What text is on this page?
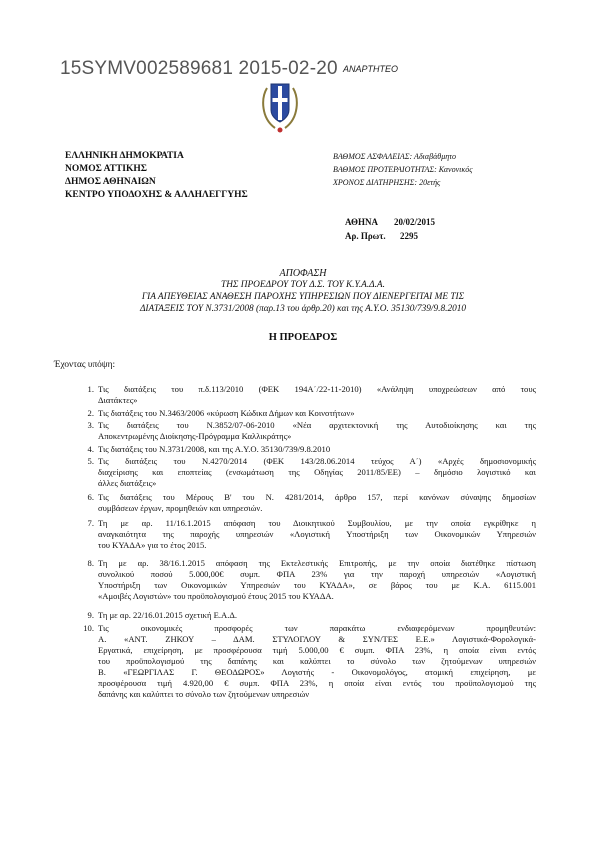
15SYMV002589681 2015-02-20 ΑΝΑΡΤΗΤΕΟ
ΕΛΛΗΝΙΚΗ ΔΗΜΟΚΡΑΤΙΑ
ΝΟΜΟΣ ΑΤΤΙΚΗΣ
ΔΗΜΟΣ ΑΘΗΝΑΙΩΝ
ΚΕΝΤΡΟ ΥΠΟΔΟΧΗΣ & ΑΛΛΗΛΕΓΓΥΗΣ
ΒΑΘΜΟΣ ΑΣΦΑΛΕΙΑΣ: Αδιαβάθμητο
ΒΑΘΜΟΣ ΠΡΟΤΕΡΑΙΟΤΗΤΑΣ: Κανονικός
ΧΡΟΝΟΣ ΔΙΑΤΗΡΗΣΗΣ: 20ετής
ΑΘΗΝΑ 20/02/2015
Αρ. Πρωτ. 2295
ΑΠΟΦΑΣΗ
ΤΗΣ ΠΡΟΕΔΡΟΥ ΤΟΥ Δ.Σ. ΤΟΥ Κ.Υ.Α.Δ.Α.
ΓΙΑ ΑΠΕΥΘΕΙΑΣ ΑΝΑΘΕΣΗ ΠΑΡΟΧΗΣ ΥΠΗΡΕΣΙΩΝ ΠΟΥ ΔΙΕΝΕΡΓΕΙΤΑΙ ΜΕ ΤΙΣ
ΔΙΑΤΑΞΕΙΣ ΤΟΥ Ν.3731/2008 (παρ.13 του άρθρ.20) και της Α.Υ.Ο. 35130/739/9.8.2010
Η ΠΡΟΕΔΡΟΣ
Έχοντας υπόψη:
1. Τις διατάξεις του π.δ.113/2010 (ΦΕΚ 194Α΄/22-11-2010) «Ανάληψη υποχρεώσεων από τους
Διατάκτες»
2. Τις διατάξεις του Ν.3463/2006 «κύρωση Κώδικα Δήμων και Κοινοτήτων»
3. Τις διατάξεις του Ν.3852/07-06-2010 «Νέα αρχιτεκτονική της Αυτοδιοίκησης και της
Αποκεντρωμένης Διοίκησης-Πρόγραμμα Καλλικράτης»
4. Τις διατάξεις του Ν.3731/2008, και της Α.Υ.Ο. 35130/739/9.8.2010
5. Τις διατάξεις του Ν.4270/2014 (ΦΕΚ 143/28.06.2014 τεύχος Α΄) «Αρχές δημοσιονομικής
διαχείρισης και εποπτείας (ενσωμάτωση της Οδηγίας 2011/85/ΕΕ) – δημόσιο λογιστικό και
άλλες διατάξεις»
6. Τις διατάξεις του Μέρους Β' του Ν. 4281/2014, άρθρο 157, περί κανόνων σύναψης δημοσίων
συμβάσεων έργων, προμηθειών και υπηρεσιών.
7. Τη με αρ. 11/16.1.2015 απόφαση του Διοικητικού Συμβουλίου, με την οποία εγκρίθηκε η
αναγκαιότητα της παροχής υπηρεσιών «Λογιστική Υποστήριξη των Οικονομικών Υπηρεσιών
του ΚΥΑΔΑ» για το έτος 2015.
8. Τη με αρ. 38/16.1.2015 απόφαση της Εκτελεστικής Επιτροπής, με την οποία διατέθηκε πίστωση
συνολικού ποσού 5.000,00€ συμπ. ΦΠΑ 23% για την παροχή υπηρεσιών «Λογιστική
Υποστήριξη των Οικονομικών Υπηρεσιών του ΚΥΑΔΑ», σε βάρος του με Κ.Α. 6115.001
«Αμοιβές Λογιστών» του προϋπολογισμού έτους 2015 του ΚΥΑΔΑ.
9. Τη με αρ. 22/16.01.2015 σχετική Ε.Α.Δ.
10. Τις οικονομικές προσφορές των παρακάτω ενδιαφερόμενων προμηθευτών:
Α. «ΑΝΤ. ΖΗΚΟΥ – ΔΑΜ. ΣΤΥΛΟΓΛΟΥ & ΣΥΝ/ΤΕΣ Ε.Ε.» Λογιστικά-Φορολογικά-
Εργατικά, επιχείρηση, με προσφέρουσα τιμή 5.000,00 € συμπ. ΦΠΑ 23%, η οποία είναι εντός
του προϋπολογισμού της δαπάνης και καλύπτει το σύνολο των ζητούμενων υπηρεσιών
Β. «ΓΕΩΡΓΙΛΑΣ Γ. ΘΕΟΔΩΡΟΣ» Λογιστής - Οικονομολόγος, ατομική επιχείρηση, με
προσφέρουσα τιμή 4.920,00 € συμπ. ΦΠΑ 23%, η οποία είναι εντός του προϋπολογισμού της
δαπάνης και καλύπτει το σύνολο των ζητούμενων υπηρεσιών
